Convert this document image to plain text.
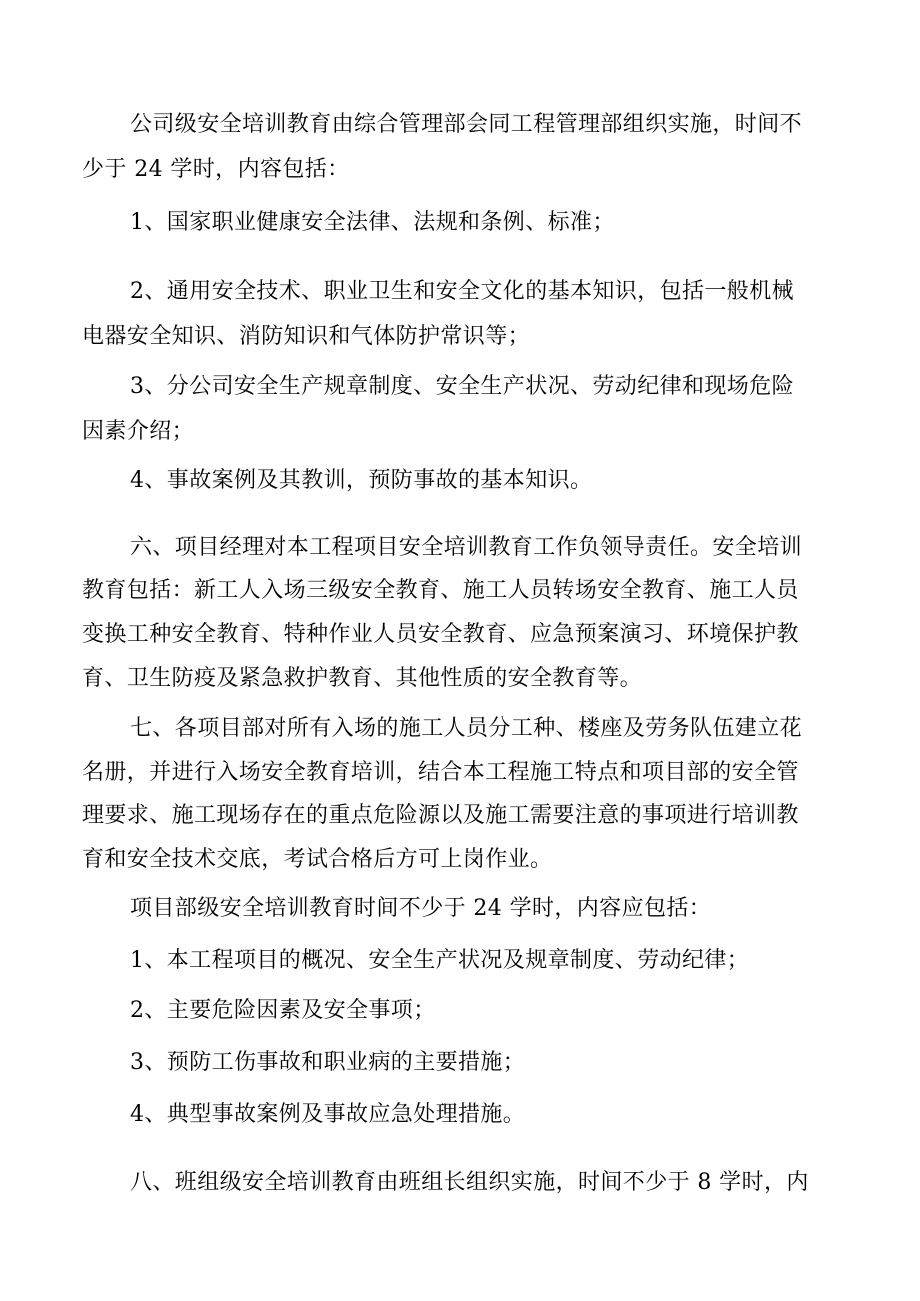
公司级安全培训教育由综合管理部会同工程管理部组织实施，时间不
少于 24 学时，内容包括：
1、国家职业健康安全法律、法规和条例、标准；
2、通用安全技术、职业卫生和安全文化的基本知识，包括一般机械
电器安全知识、消防知识和气体防护常识等；
3、分公司安全生产规章制度、安全生产状况、劳动纪律和现场危险
因素介绍；
4、事故案例及其教训，预防事故的基本知识。
六、项目经理对本工程项目安全培训教育工作负领导责任。安全培训
教育包括：新工人入场三级安全教育、施工人员转场安全教育、施工人员
变换工种安全教育、特种作业人员安全教育、应急预案演习、环境保护教
育、卫生防疫及紧急救护教育、其他性质的安全教育等。
七、各项目部对所有入场的施工人员分工种、楼座及劳务队伍建立花
名册，并进行入场安全教育培训，结合本工程施工特点和项目部的安全管
理要求、施工现场存在的重点危险源以及施工需要注意的事项进行培训教
育和安全技术交底，考试合格后方可上岗作业。
项目部级安全培训教育时间不少于 24 学时，内容应包括：
1、本工程项目的概况、安全生产状况及规章制度、劳动纪律；
2、主要危险因素及安全事项；
3、预防工伤事故和职业病的主要措施；
4、典型事故案例及事故应急处理措施。
八、班组级安全培训教育由班组长组织实施，时间不少于 8 学时，内
